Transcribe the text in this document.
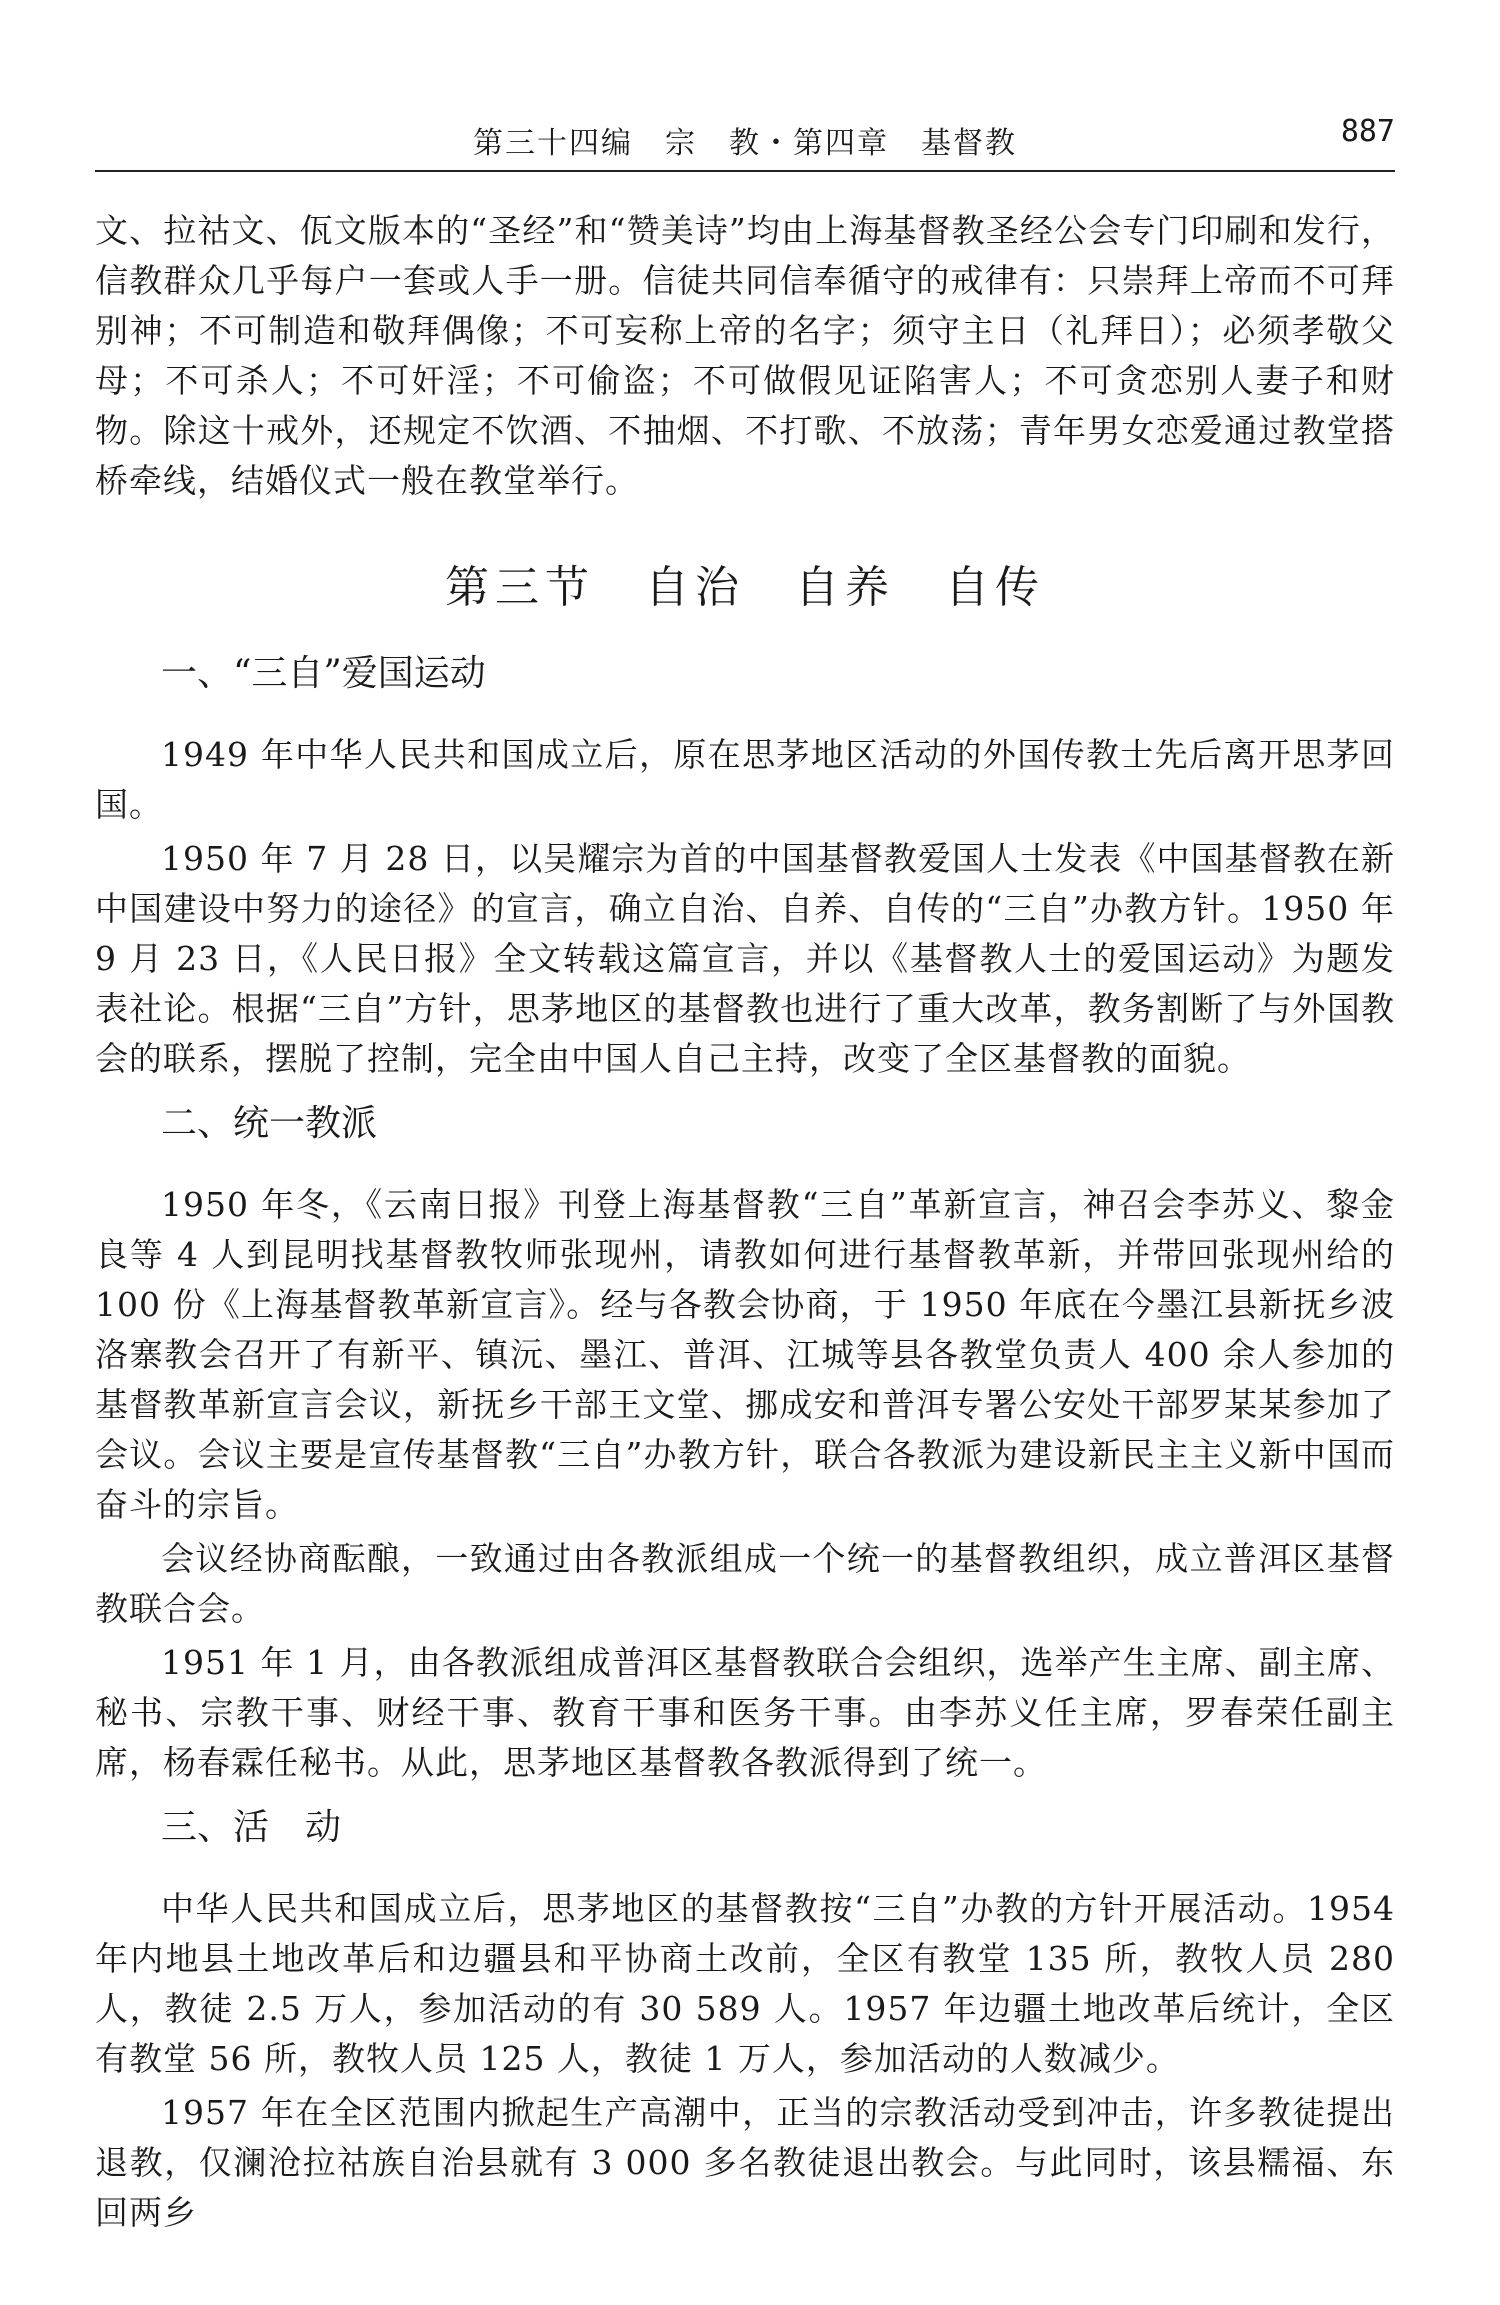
第三十四编　宗　教・第四章　基督教	887

文、拉祜文、佤文版本的“圣经”和“赞美诗”均由上海基督教圣经公会专门印刷和发行，信教群众几乎每户一套或人手一册。信徒共同信奉循守的戒律有：只崇拜上帝而不可拜别神；不可制造和敬拜偶像；不可妄称上帝的名字；须守主日（礼拜日）；必须孝敬父母；不可杀人；不可奸淫；不可偷盗；不可做假见证陷害人；不可贪恋别人妻子和财物。除这十戒外，还规定不饮酒、不抽烟、不打歌、不放荡；青年男女恋爱通过教堂搭桥牵线，结婚仪式一般在教堂举行。

第三节　自治　自养　自传
一、“三自”爱国运动

1949 年中华人民共和国成立后，原在思茅地区活动的外国传教士先后离开思茅回国。

1950 年 7 月 28 日，以吴耀宗为首的中国基督教爱国人士发表《中国基督教在新中国建设中努力的途径》的宣言，确立自治、自养、自传的“三自”办教方针。1950 年 9 月 23 日，《人民日报》全文转载这篇宣言，并以《基督教人士的爱国运动》为题发表社论。根据“三自”方针，思茅地区的基督教也进行了重大改革，教务割断了与外国教会的联系，摆脱了控制，完全由中国人自己主持，改变了全区基督教的面貌。

二、统一教派

1950 年冬，《云南日报》刊登上海基督教“三自”革新宣言，神召会李苏义、黎金良等 4 人到昆明找基督教牧师张现州，请教如何进行基督教革新，并带回张现州给的 100 份《上海基督教革新宣言》。经与各教会协商，于 1950 年底在今墨江县新抚乡波洛寨教会召开了有新平、镇沅、墨江、普洱、江城等县各教堂负责人 400 余人参加的基督教革新宣言会议，新抚乡干部王文堂、挪成安和普洱专署公安处干部罗某某参加了会议。会议主要是宣传基督教“三自”办教方针，联合各教派为建设新民主主义新中国而奋斗的宗旨。

会议经协商酝酿，一致通过由各教派组成一个统一的基督教组织，成立普洱区基督教联合会。

1951 年 1 月，由各教派组成普洱区基督教联合会组织，选举产生主席、副主席、秘书、宗教干事、财经干事、教育干事和医务干事。由李苏义任主席，罗春荣任副主席，杨春霖任秘书。从此，思茅地区基督教各教派得到了统一。

三、活　动

中华人民共和国成立后，思茅地区的基督教按“三自”办教的方针开展活动。1954 年内地县土地改革后和边疆县和平协商土改前，全区有教堂 135 所，教牧人员 280 人，教徒 2.5 万人，参加活动的有 30 589 人。1957 年边疆土地改革后统计，全区有教堂 56 所，教牧人员 125 人，教徒 1 万人，参加活动的人数减少。

1957 年在全区范围内掀起生产高潮中，正当的宗教活动受到冲击，许多教徒提出退教，仅澜沧拉祜族自治县就有 3 000 多名教徒退出教会。与此同时，该县糯福、东回两乡
